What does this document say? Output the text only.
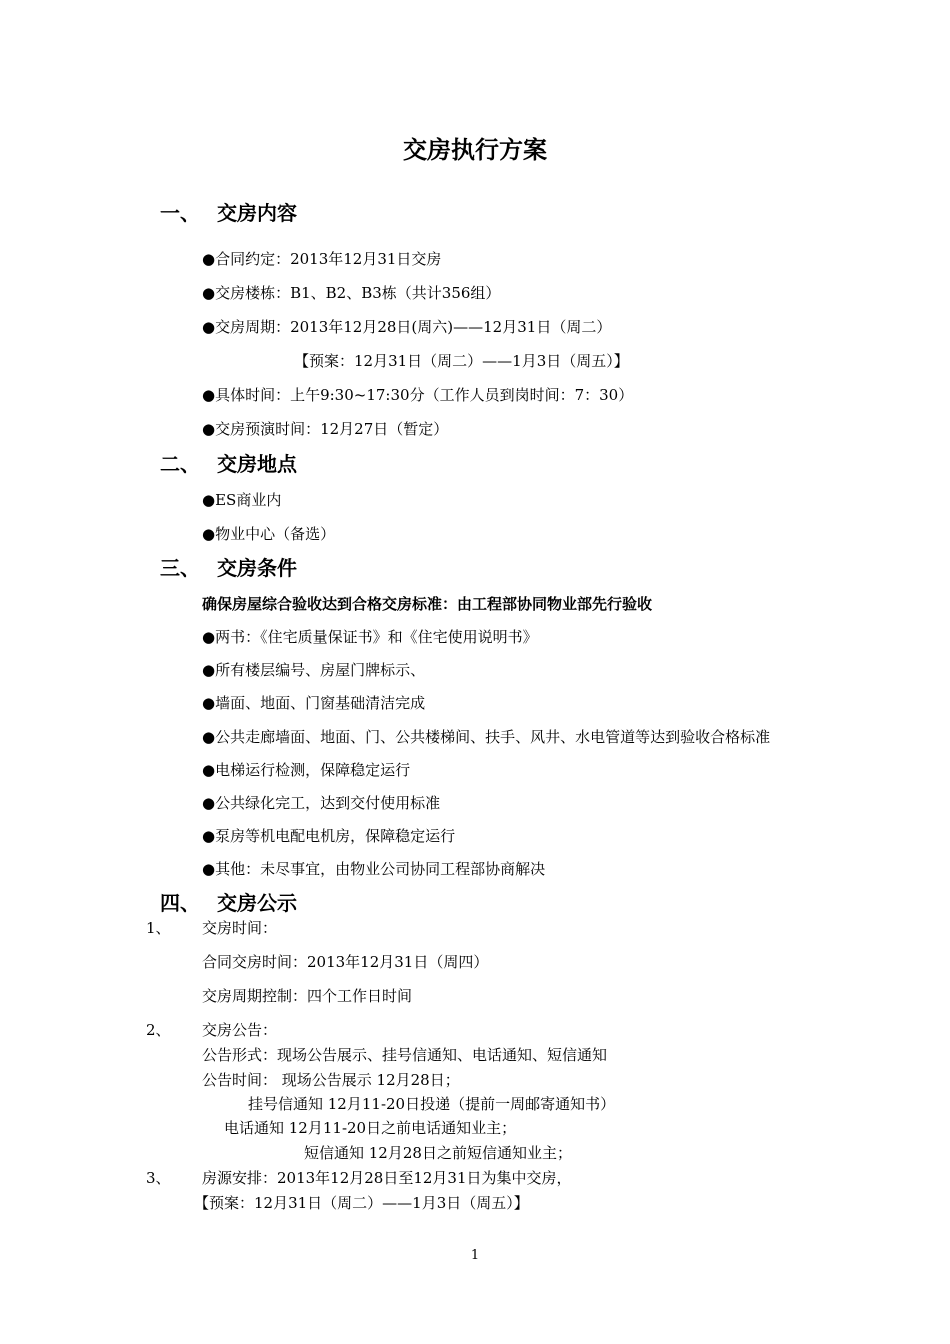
交房执行方案
一、 交房内容
●合同约定：2013年12月31日交房
●交房楼栋：B1、B2、B3栋（共计356组）
●交房周期：2013年12月28日(周六)——12月31日（周二）
【预案：12月31日（周二）——1月3日（周五）】
●具体时间：上午9:30~17:30分（工作人员到岗时间：7：30）
●交房预演时间：12月27日（暂定）
二、 交房地点
●ES商业内
●物业中心（备选）
三、 交房条件
确保房屋综合验收达到合格交房标准：由工程部协同物业部先行验收
●两书：《住宅质量保证书》和《住宅使用说明书》
●所有楼层编号、房屋门牌标示、
●墙面、地面、门窗基础清洁完成
●公共走廊墙面、地面、门、公共楼梯间、扶手、风井、水电管道等达到验收合格标准
●电梯运行检测，保障稳定运行
●公共绿化完工，达到交付使用标准
●泵房等机电配电机房，保障稳定运行
●其他：未尽事宜，由物业公司协同工程部协商解决
四、 交房公示
1、 交房时间：
合同交房时间：2013年12月31日（周四）
交房周期控制：四个工作日时间
2、 交房公告：
公告形式：现场公告展示、挂号信通知、电话通知、短信通知
公告时间： 现场公告展示 12月28日；
挂号信通知 12月11-20日投递（提前一周邮寄通知书）
电话通知 12月11-20日之前电话通知业主；
短信通知 12月28日之前短信通知业主；
3、 房源安排：2013年12月28日至12月31日为集中交房，
【预案：12月31日（周二）——1月3日（周五）】
1
